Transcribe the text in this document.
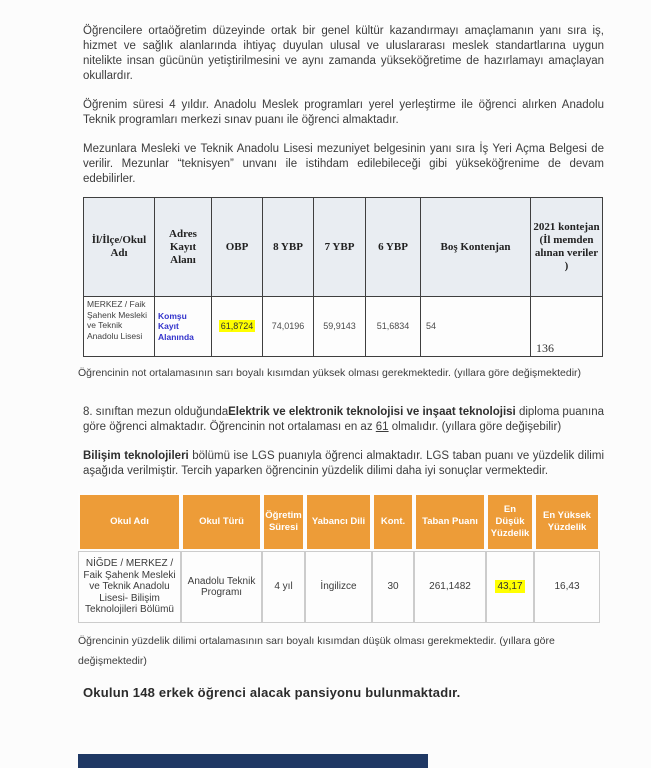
Öğrencilere ortaöğretim düzeyinde ortak bir genel kültür kazandırmayı amaçlamanın yanı sıra iş, hizmet ve sağlık alanlarında ihtiyaç duyulan ulusal ve uluslararası meslek standartlarına uygun nitelikte insan gücünün yetiştirilmesini ve aynı zamanda yükseköğretime de hazırlamayı amaçlayan okullardır.

Öğrenim süresi 4 yıldır. Anadolu Meslek programları yerel yerleştirme ile öğrenci alırken Anadolu Teknik programları merkezi sınav puanı ile öğrenci almaktadır.

Mezunlara Mesleki ve Teknik Anadolu Lisesi mezuniyet belgesinin yanı sıra İş Yeri Açma Belgesi de verilir. Mezunlar “teknisyen” unvanı ile istihdam edilebileceği gibi yükseköğrenime de devam edebilirler.

İl/İlçe/Okul Adı	Adres Kayıt Alanı	OBP	8 YBP	7 YBP	6 YBP	Boş Kontenjan	2021 kontejan (İl memden alınan veriler )
MERKEZ / Faik Şahenk Mesleki ve Teknik Anadolu Lisesi	Komşu Kayıt Alanında	61,8724	74,0196	59,9143	51,6834	54	136

Öğrencinin not ortalamasının sarı boyalı kısımdan yüksek olması gerekmektedir. (yıllara göre değişmektedir)

8. sınıftan mezun olduğundaElektrik ve elektronik teknolojisi ve inşaat teknolojisi diploma puanına göre öğrenci almaktadır. Öğrencinin not ortalaması en az 61 olmalıdır. (yıllara göre değişebilir)

Bilişim teknolojileri bölümü ise LGS puanıyla öğrenci almaktadır. LGS taban puanı ve yüzdelik dilimi aşağıda verilmiştir. Tercih yaparken öğrencinin yüzdelik dilimi daha iyi sonuçlar vermektedir.

Okul Adı	Okul Türü	Öğretim Süresi	Yabancı Dili	Kont.	Taban Puanı	En Düşük Yüzdelik	En Yüksek Yüzdelik
NİĞDE / MERKEZ / Faik Şahenk Mesleki ve Teknik Anadolu Lisesi- Bilişim Teknolojileri Bölümü	Anadolu Teknik Programı	4 yıl	İngilizce	30	261,1482	43,17	16,43

Öğrencinin yüzdelik dilimi ortalamasının sarı boyalı kısımdan düşük olması gerekmektedir. (yıllara göre değişmektedir)

Okulun 148 erkek öğrenci alacak pansiyonu bulunmaktadır.
